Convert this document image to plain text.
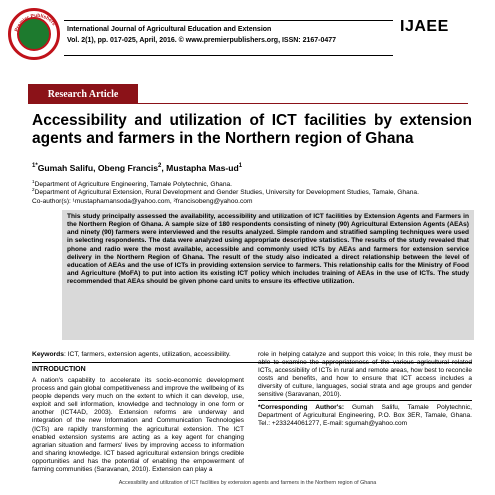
Premier Publishers
International Journal of Agricultural Education and Extension
Vol. 2(1), pp. 017-025, April, 2016. © www.premierpublishers.org, ISSN: 2167-0477
IJAEE
Research Article
Accessibility and utilization of ICT facilities by extension agents and farmers in the Northern region of Ghana
$^{1*}$Gumah Salifu, Obeng Francis$^2$, Mustapha Mas-$ud^1$
$^1$Department of Agriculture Engineering, Tamale Polytechnic, Ghana.
$^2$Department of Agricultural Extension, Rural Development and Gender Studies, University for Development Studies, Tamale, Ghana.
Co-author(s): ¹mustaphamansoda@yahoo.com, ²francisobeng@yahoo.com
This study principally assessed the availability, accessibility and utilization of ICT facilities by Extension Agents and Farmers in the Northern Region of Ghana. A sample size of 180 respondents consisting of ninety (90) Agricultural Extension Agents (AEAs) and ninety (90) farmers were interviewed and the results analyzed. Simple random and stratified sampling techniques were used in selecting respondents. The data were analyzed using appropriate descriptive statistics. The results of the study revealed that phone and radio were the most available, accessible and commonly used ICTs by AEAs and farmers for extension service delivery in the Northern Region of Ghana. The result of the study also indicated a direct relationship between the level of education of AEAs and the use of ICTs in providing extension service to farmers. This relationship calls for the Ministry of Food and Agriculture (MoFA) to put into action its existing ICT policy which includes training of AEAs in the use of ICTs. The study recommended that AEAs should be given phone card units to ensure its effective utilization.
Keywords: ICT, farmers, extension agents, utilization, accessibility.
INTRODUCTION
A nation's capability to accelerate its socio-economic development process and gain global competitiveness and improve the wellbeing of its people depends very much on the extent to which it can develop, use, exploit and sell information, knowledge and technology in one form or another (ICT4AD, 2003). Extension reforms are underway and integration of the new Information and Communication Technologies (ICTs) are rapidly transforming the agricultural extension. The ICT enabled extension systems are acting as a key agent for changing agrarian situation and farmers' lives by improving access to information and sharing knowledge. ICT based agricultural extension brings credible opportunities and has the potential of enabling the empowerment of farming communities (Saravanan, 2010). Extension can play a
role in helping catalyze and support this voice; In this role, they must be able to examine the appropriateness of the various agricultural related ICTs, accessibility of ICTs in rural and remote areas, how best to reconcile costs and benefits, and how to ensure that ICT access includes a diversity of culture, languages, social strata and age groups and gender sensitive (Saravanan, 2010).
*Corresponding Author's: Gumah Salifu, Tamale Polytechnic, Department of Agricultural Engineering, P.O. Box 3ER, Tamale, Ghana. Tel.: +233244061277, E-mail: sgumah@yahoo.com
Accessibility and utilization of ICT facilities by extension agents and farmers in the Northern region of Ghana
